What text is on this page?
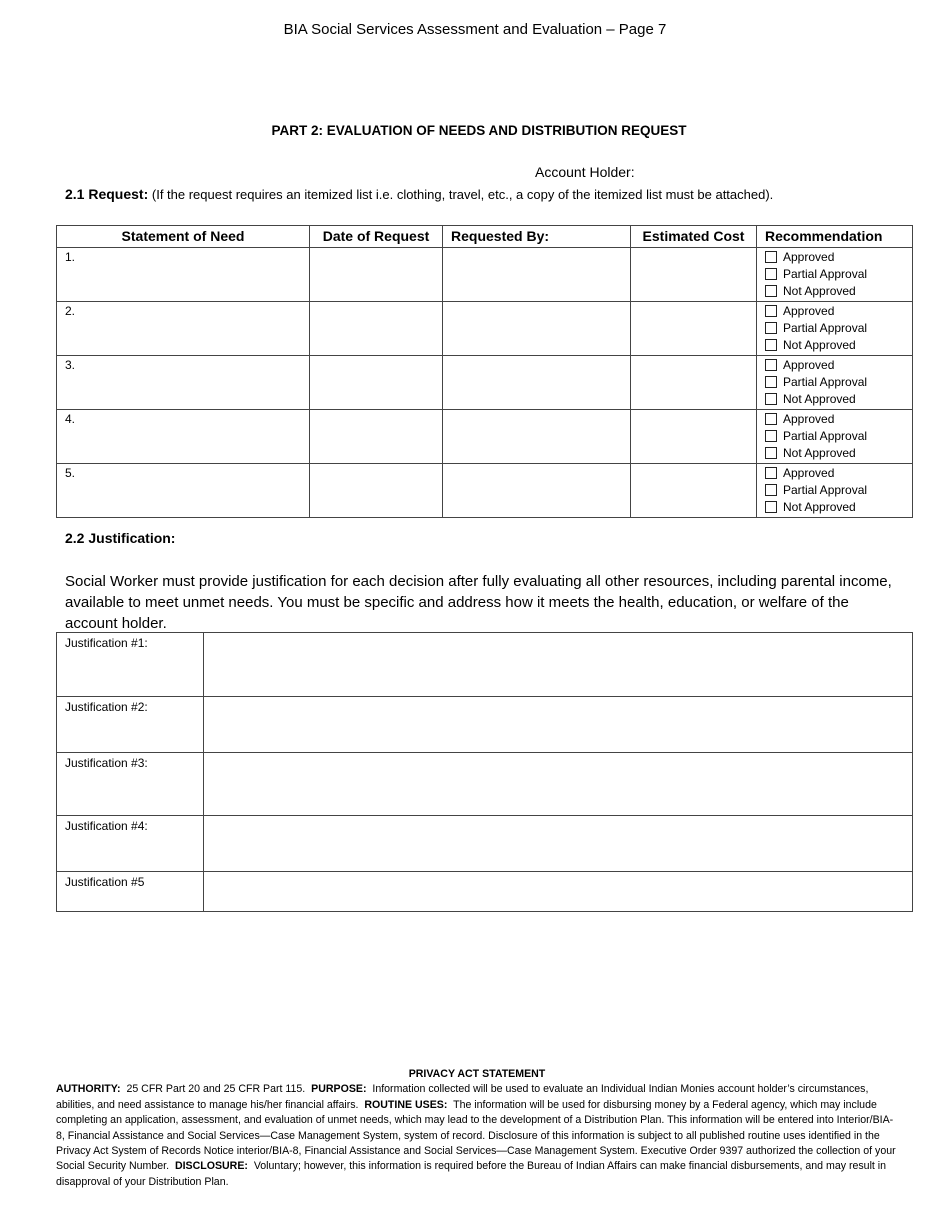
BIA Social Services Assessment and Evaluation – Page 7
PART 2: EVALUATION OF NEEDS AND DISTRIBUTION REQUEST
Account Holder:
2.1 Request: (If the request requires an itemized list i.e. clothing, travel, etc., a copy of the itemized list must be attached).
Statement of Need	Date of Request	Requested By:	Estimated Cost	Recommendation
1.				Approved
Partial Approval
Not Approved

2.				Approved
Partial Approval
Not Approved

3.				Approved
Partial Approval
Not Approved

4.				Approved
Partial Approval
Not Approved

5.				Approved
Partial Approval
Not Approved
2.2 Justification:
Social Worker must provide justification for each decision after fully evaluating all other resources, including parental income, available to meet unmet needs. You must be specific and address how it meets the health, education, or welfare of the account holder.
Justification #1:	
Justification #2:	
Justification #3:	
Justification #4:	
Justification #5	
PRIVACY ACT STATEMENT
AUTHORITY: 25 CFR Part 20 and 25 CFR Part 115. PURPOSE: Information collected will be used to evaluate an Individual Indian Monies account holder’s circumstances, abilities, and need assistance to manage his/her financial affairs. ROUTINE USES: The information will be used for disbursing money by a Federal agency, which may include completing an application, assessment, and evaluation of unmet needs, which may lead to the development of a Distribution Plan. This information will be entered into Interior/BIA-8, Financial Assistance and Social Services—Case Management System, system of record. Disclosure of this information is subject to all published routine uses identified in the Privacy Act System of Records Notice interior/BIA-8, Financial Assistance and Social Services—Case Management System. Executive Order 9397 authorized the collection of your Social Security Number. DISCLOSURE: Voluntary; however, this information is required before the Bureau of Indian Affairs can make financial disbursements, and may result in disapproval of your Distribution Plan.
